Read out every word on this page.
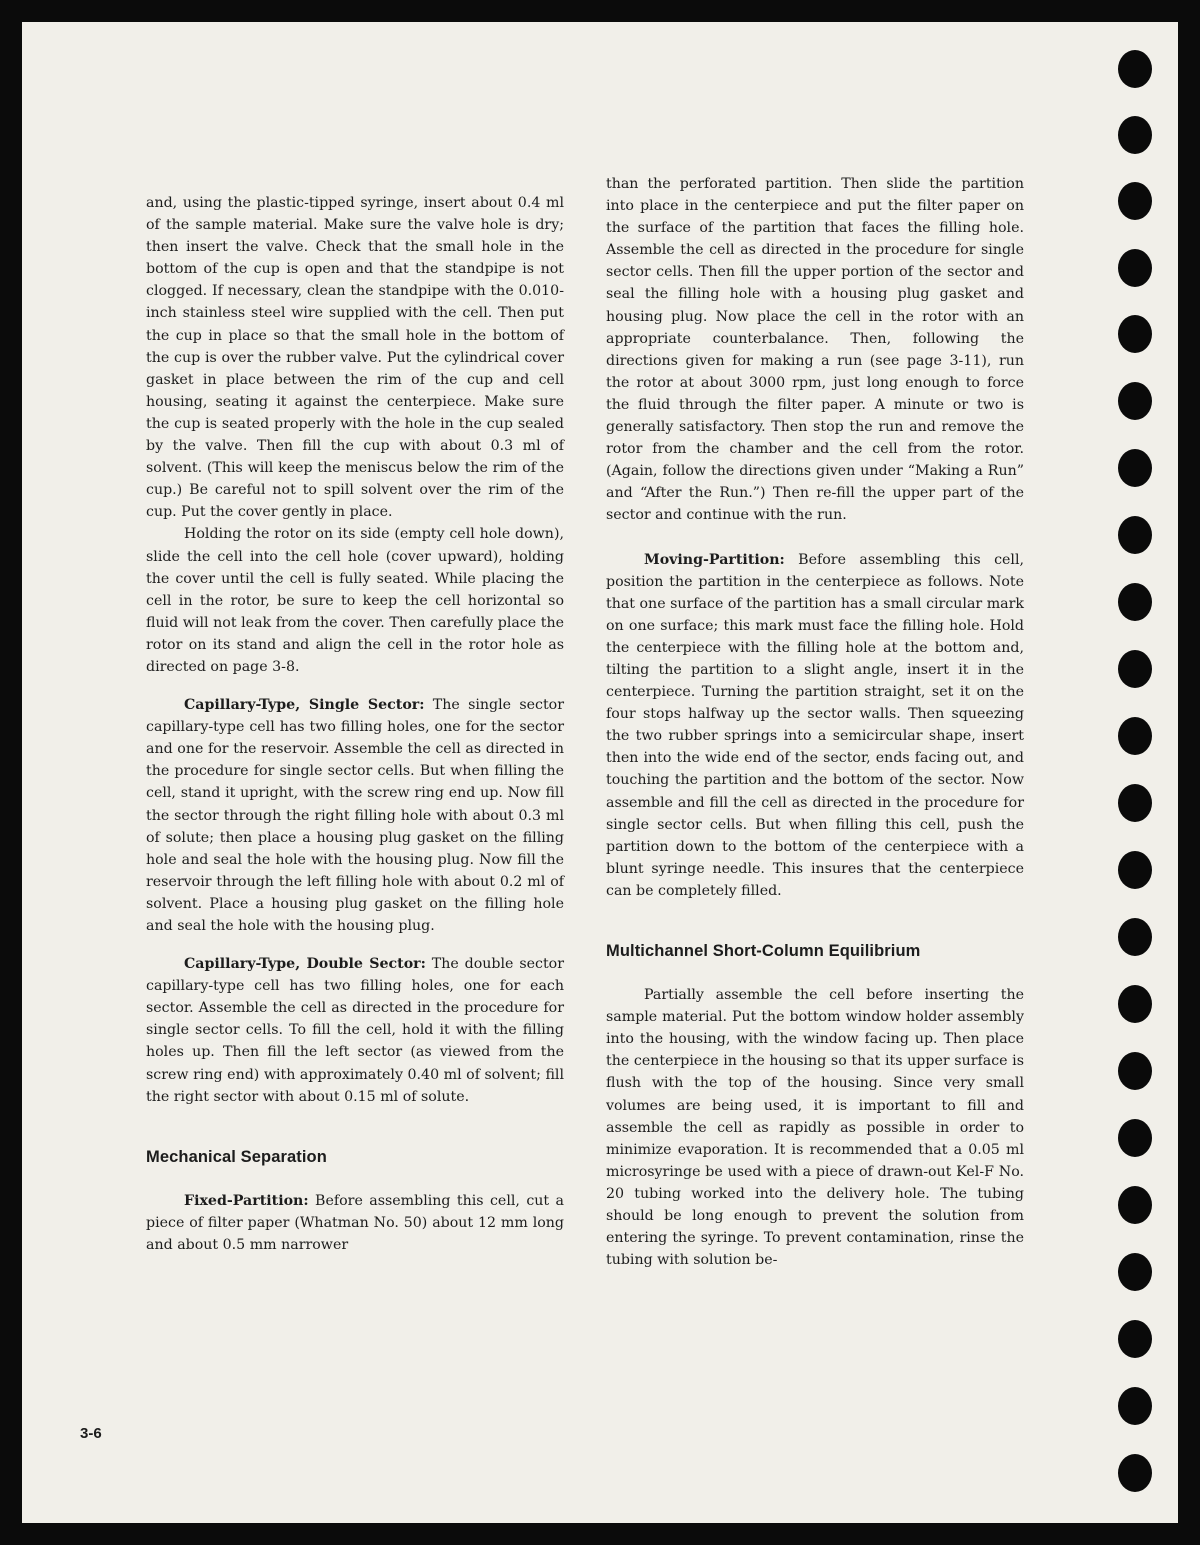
and, using the plastic-tipped syringe, insert about 0.4 ml of the sample material. Make sure the valve hole is dry; then insert the valve. Check that the small hole in the bottom of the cup is open and that the standpipe is not clogged. If necessary, clean the standpipe with the 0.010-inch stainless steel wire supplied with the cell. Then put the cup in place so that the small hole in the bottom of the cup is over the rubber valve. Put the cylindrical cover gasket in place between the rim of the cup and cell housing, seating it against the centerpiece. Make sure the cup is seated properly with the hole in the cup sealed by the valve. Then fill the cup with about 0.3 ml of solvent. (This will keep the meniscus below the rim of the cup.) Be careful not to spill solvent over the rim of the cup. Put the cover gently in place.

Holding the rotor on its side (empty cell hole down), slide the cell into the cell hole (cover upward), holding the cover until the cell is fully seated. While placing the cell in the rotor, be sure to keep the cell horizontal so fluid will not leak from the cover. Then carefully place the rotor on its stand and align the cell in the rotor hole as directed on page 3-8.

Capillary-Type, Single Sector: The single sector capillary-type cell has two filling holes, one for the sector and one for the reservoir. Assemble the cell as directed in the procedure for single sector cells. But when filling the cell, stand it upright, with the screw ring end up. Now fill the sector through the right filling hole with about 0.3 ml of solute; then place a housing plug gasket on the filling hole and seal the hole with the housing plug. Now fill the reservoir through the left filling hole with about 0.2 ml of solvent. Place a housing plug gasket on the filling hole and seal the hole with the housing plug.

Capillary-Type, Double Sector: The double sector capillary-type cell has two filling holes, one for each sector. Assemble the cell as directed in the procedure for single sector cells. To fill the cell, hold it with the filling holes up. Then fill the left sector (as viewed from the screw ring end) with approximately 0.40 ml of solvent; fill the right sector with about 0.15 ml of solute.

Mechanical Separation

Fixed-Partition: Before assembling this cell, cut a piece of filter paper (Whatman No. 50) about 12 mm long and about 0.5 mm narrower

than the perforated partition. Then slide the partition into place in the centerpiece and put the filter paper on the surface of the partition that faces the filling hole. Assemble the cell as directed in the procedure for single sector cells. Then fill the upper portion of the sector and seal the filling hole with a housing plug gasket and housing plug. Now place the cell in the rotor with an appropriate counterbalance. Then, following the directions given for making a run (see page 3-11), run the rotor at about 3000 rpm, just long enough to force the fluid through the filter paper. A minute or two is generally satisfactory. Then stop the run and remove the rotor from the chamber and the cell from the rotor. (Again, follow the directions given under “Making a Run” and “After the Run.”) Then re-fill the upper part of the sector and continue with the run.

Moving-Partition: Before assembling this cell, position the partition in the centerpiece as follows. Note that one surface of the partition has a small circular mark on one surface; this mark must face the filling hole. Hold the centerpiece with the filling hole at the bottom and, tilting the partition to a slight angle, insert it in the centerpiece. Turning the partition straight, set it on the four stops halfway up the sector walls. Then squeezing the two rubber springs into a semicircular shape, insert then into the wide end of the sector, ends facing out, and touching the partition and the bottom of the sector. Now assemble and fill the cell as directed in the procedure for single sector cells. But when filling this cell, push the partition down to the bottom of the centerpiece with a blunt syringe needle. This insures that the centerpiece can be completely filled.

Multichannel Short-Column Equilibrium

Partially assemble the cell before inserting the sample material. Put the bottom window holder assembly into the housing, with the window facing up. Then place the centerpiece in the housing so that its upper surface is flush with the top of the housing. Since very small volumes are being used, it is important to fill and assemble the cell as rapidly as possible in order to minimize evaporation. It is recommended that a 0.05 ml microsyringe be used with a piece of drawn-out Kel-F No. 20 tubing worked into the delivery hole. The tubing should be long enough to prevent the solution from entering the syringe. To prevent contamination, rinse the tubing with solution be-

3-6
